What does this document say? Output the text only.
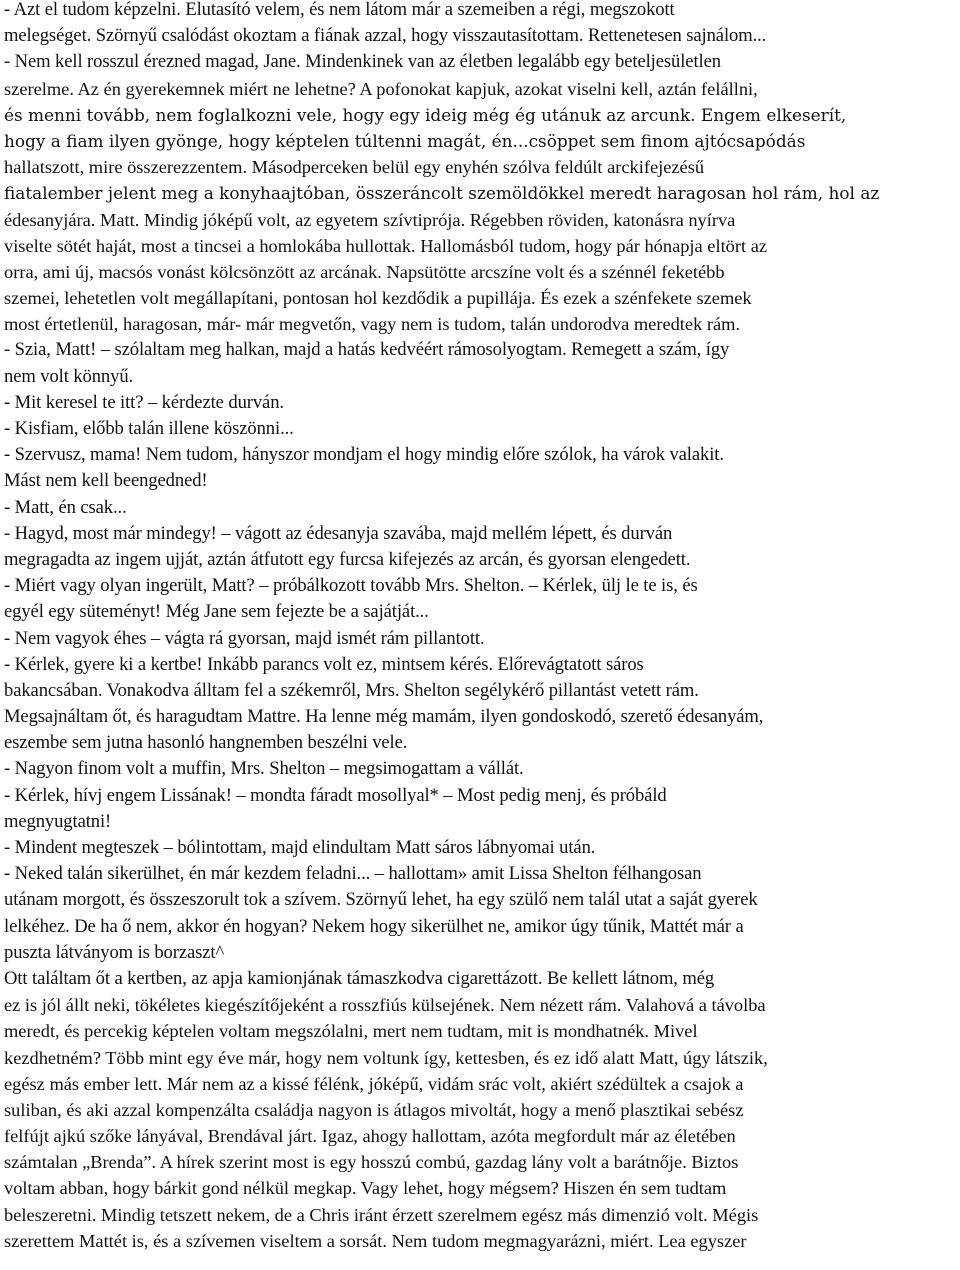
- Azt el tudom képzelni. Elutasító velem, és nem látom már a szemeiben a régi, megszokott
melegséget. Szörnyű csalódást okoztam a fiának azzal, hogy visszautasítottam. Rettenetesen sajnálom...
- Nem kell rosszul érezned magad, Jane. Mindenkinek van az életben legalább egy beteljesületlen
szerelme. Az én gyerekemnek miért ne lehetne? A pofonokat kapjuk, azokat viselni kell, aztán felállni,
és menni tovább, nem foglalkozni vele, hogy egy ideig még ég utánuk az arcunk. Engem elkeserít,
hogy a fiam ilyen gyönge, hogy képtelen túltenni magát, én...csöppet sem finom ajtócsapódás
hallatszott, mire összerezzentem. Másodperceken belül egy enyhén szólva feldúlt arckifejezésű
fiatalember jelent meg a konyhaajtóban, összeráncolt szemöldökkel meredt haragosan hol rám, hol az
édesanyjára. Matt. Mindig jóképű volt, az egyetem szívtiprója. Régebben röviden, katonásra nyírva
viselte sötét haját, most a tincsei a homlokába hullottak. Hallomásból tudom, hogy pár hónapja eltört az
orra, ami új, macsós vonást kölcsönzött az arcának. Napsütötte arcszíne volt és a szénnél feketébb
szemei, lehetetlen volt megállapítani, pontosan hol kezdődik a pupillája. És ezek a szénfekete szemek
most értetlenül, haragosan, már- már megvetőn, vagy nem is tudom, talán undorodva meredtek rám.
- Szia, Matt! – szólaltam meg halkan, majd a hatás kedvéért rámosolyogtam. Remegett a szám, így
nem volt könnyű.
- Mit keresel te itt? – kérdezte durván.
- Kisfiam, előbb talán illene köszönni...
- Szervusz, mama! Nem tudom, hányszor mondjam el hogy mindig előre szólok, ha várok valakit.
Mást nem kell beengedned!
- Matt, én csak...
- Hagyd, most már mindegy! – vágott az édesanyja szavába, majd mellém lépett, és durván
megragadta az ingem ujját, aztán átfutott egy furcsa kifejezés az arcán, és gyorsan elengedett.
- Miért vagy olyan ingerült, Matt? – próbálkozott tovább Mrs. Shelton. – Kérlek, ülj le te is, és
egyél egy süteményt! Még Jane sem fejezte be a sajátját...
- Nem vagyok éhes – vágta rá gyorsan, majd ismét rám pillantott.
- Kérlek, gyere ki a kertbe! Inkább parancs volt ez, mintsem kérés. Előrevágtatott sáros
bakancsában. Vonakodva álltam fel a székemről, Mrs. Shelton segélykérő pillantást vetett rám.
Megsajnáltam őt, és haragudtam Mattre. Ha lenne még mamám, ilyen gondoskodó, szerető édesanyám,
eszembe sem jutna hasonló hangnemben beszélni vele.
- Nagyon finom volt a muffin, Mrs. Shelton – megsimogattam a vállát.
- Kérlek, hívj engem Lissának! – mondta fáradt mosollyal* – Most pedig menj, és próbáld
megnyugtatni!
- Mindent megteszek – bólintottam, majd elindultam Matt sáros lábnyomai után.
- Neked talán sikerülhet, én már kezdem feladni... – hallottam» amit Lissa Shelton félhangosan
utánam morgott, és összeszorult tok a szívem. Szörnyű lehet, ha egy szülő nem talál utat a saját gyerek
lelkéhez. De ha ő nem, akkor én hogyan? Nekem hogy sikerülhet ne, amikor úgy tűnik, Mattét már a
puszta látványom is borzaszt^
Ott találtam őt a kertben, az apja kamionjának támaszkodva cigarettázott. Be kellett látnom, még
ez is jól állt neki, tökéletes kiegészítőjeként a rosszfiús külsejének. Nem nézett rám. Valahová a távolba
meredt, és percekig képtelen voltam megszólalni, mert nem tudtam, mit is mondhatnék. Mivel
kezdhetném? Több mint egy éve már, hogy nem voltunk így, kettesben, és ez idő alatt Matt, úgy látszik,
egész más ember lett. Már nem az a kissé félénk, jóképű, vidám srác volt, akiért szédültek a csajok a
suliban, és aki azzal kompenzálta családja nagyon is átlagos mivoltát, hogy a menő plasztikai sebész
felfújt ajkú szőke lányával, Brendával járt. Igaz, ahogy hallottam, azóta megfordult már az életében
számtalan „Brenda”. A hírek szerint most is egy hosszú combú, gazdag lány volt a barátnője. Biztos
voltam abban, hogy bárkit gond nélkül megkap. Vagy lehet, hogy mégsem? Hiszen én sem tudtam
beleszeretni. Mindig tetszett nekem, de a Chris iránt érzett szerelmem egész más dimenzió volt. Mégis
szerettem Mattét is, és a szívemen viseltem a sorsát. Nem tudom megmagyarázni, miért. Lea egyszer
